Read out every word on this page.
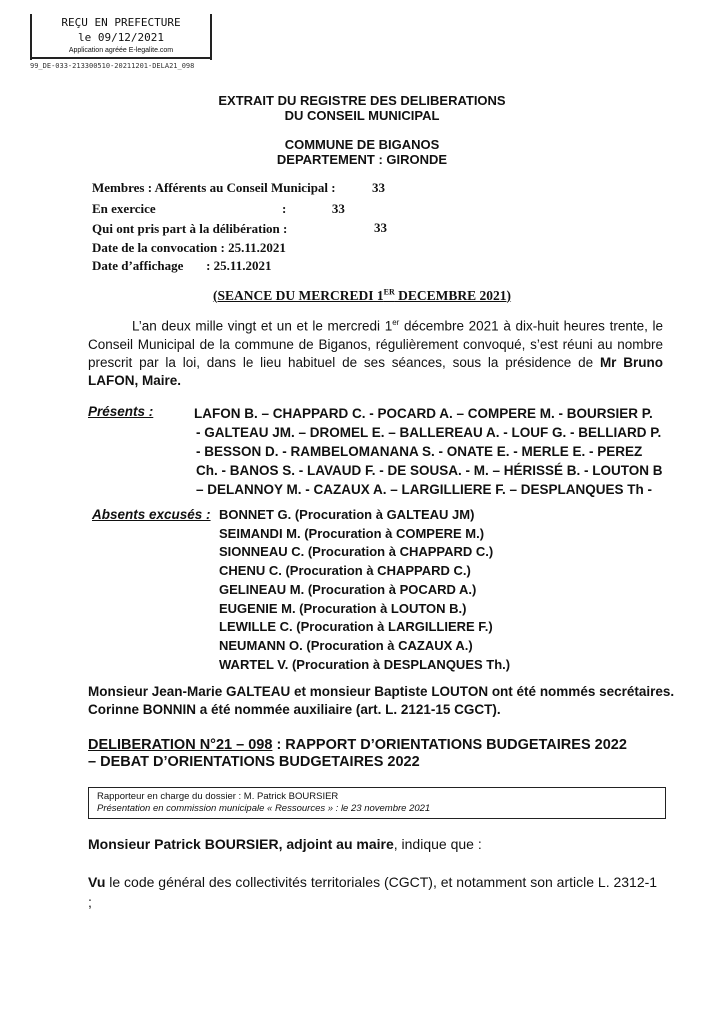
REÇU EN PREFECTURE
le 09/12/2021
Application agréée E-legalite.com
99_DE-033-213300510-20211201-DELA21_098
EXTRAIT DU REGISTRE DES DELIBERATIONS
DU CONSEIL MUNICIPAL
COMMUNE DE BIGANOS
DEPARTEMENT : GIRONDE
Membres : Afférents au Conseil Municipal :	33
En exercice	:              33
Qui ont pris part à la délibération :	33
Date de la convocation : 25.11.2021
Date d’affichage       : 25.11.2021
(SEANCE DU MERCREDI 1ER DECEMBRE 2021)
L’an deux mille vingt et un et le mercredi 1er décembre 2021 à dix-huit heures trente, le Conseil Municipal de la commune de Biganos, régulièrement convoqué, s’est réuni au nombre prescrit par la loi, dans le lieu habituel de ses séances, sous la présidence de Mr Bruno LAFON, Maire.
Présents :	LAFON B. – CHAPPARD C. - POCARD A. – COMPERE M. - BOURSIER P.
- GALTEAU JM. – DROMEL E. – BALLEREAU A. - LOUF G. - BELLIARD P.
- BESSON D. - RAMBELOMANANA S. - ONATE E. - MERLE E. - PEREZ
Ch. - BANOS S. - LAVAUD F. - DE SOUSA. - M. – HÉRISSÉ B. - LOUTON B
– DELANNOY M. - CAZAUX A. – LARGILLIERE F. – DESPLANQUES Th -
Absents excusés : BONNET G. (Procuration à GALTEAU JM)
SEIMANDI M. (Procuration à COMPERE M.)
SIONNEAU C. (Procuration à CHAPPARD C.)
CHENU C. (Procuration à CHAPPARD C.)
GELINEAU M. (Procuration à POCARD A.)
EUGENIE M. (Procuration à LOUTON B.)
LEWILLE C. (Procuration à LARGILLIERE F.)
NEUMANN O. (Procuration à CAZAUX A.)
WARTEL V. (Procuration à DESPLANQUES Th.)
Monsieur Jean-Marie GALTEAU et monsieur Baptiste LOUTON ont été nommés secrétaires.
Corinne BONNIN a été nommée auxiliaire (art. L. 2121-15 CGCT).
DELIBERATION N°21 – 098 : RAPPORT D’ORIENTATIONS BUDGETAIRES 2022
– DEBAT D’ORIENTATIONS BUDGETAIRES 2022
Rapporteur en charge du dossier : M. Patrick BOURSIER
Présentation en commission municipale « Ressources » : le 23 novembre 2021
Monsieur Patrick BOURSIER, adjoint au maire, indique que :
Vu le code général des collectivités territoriales (CGCT), et notamment son article L. 2312-1 ;
